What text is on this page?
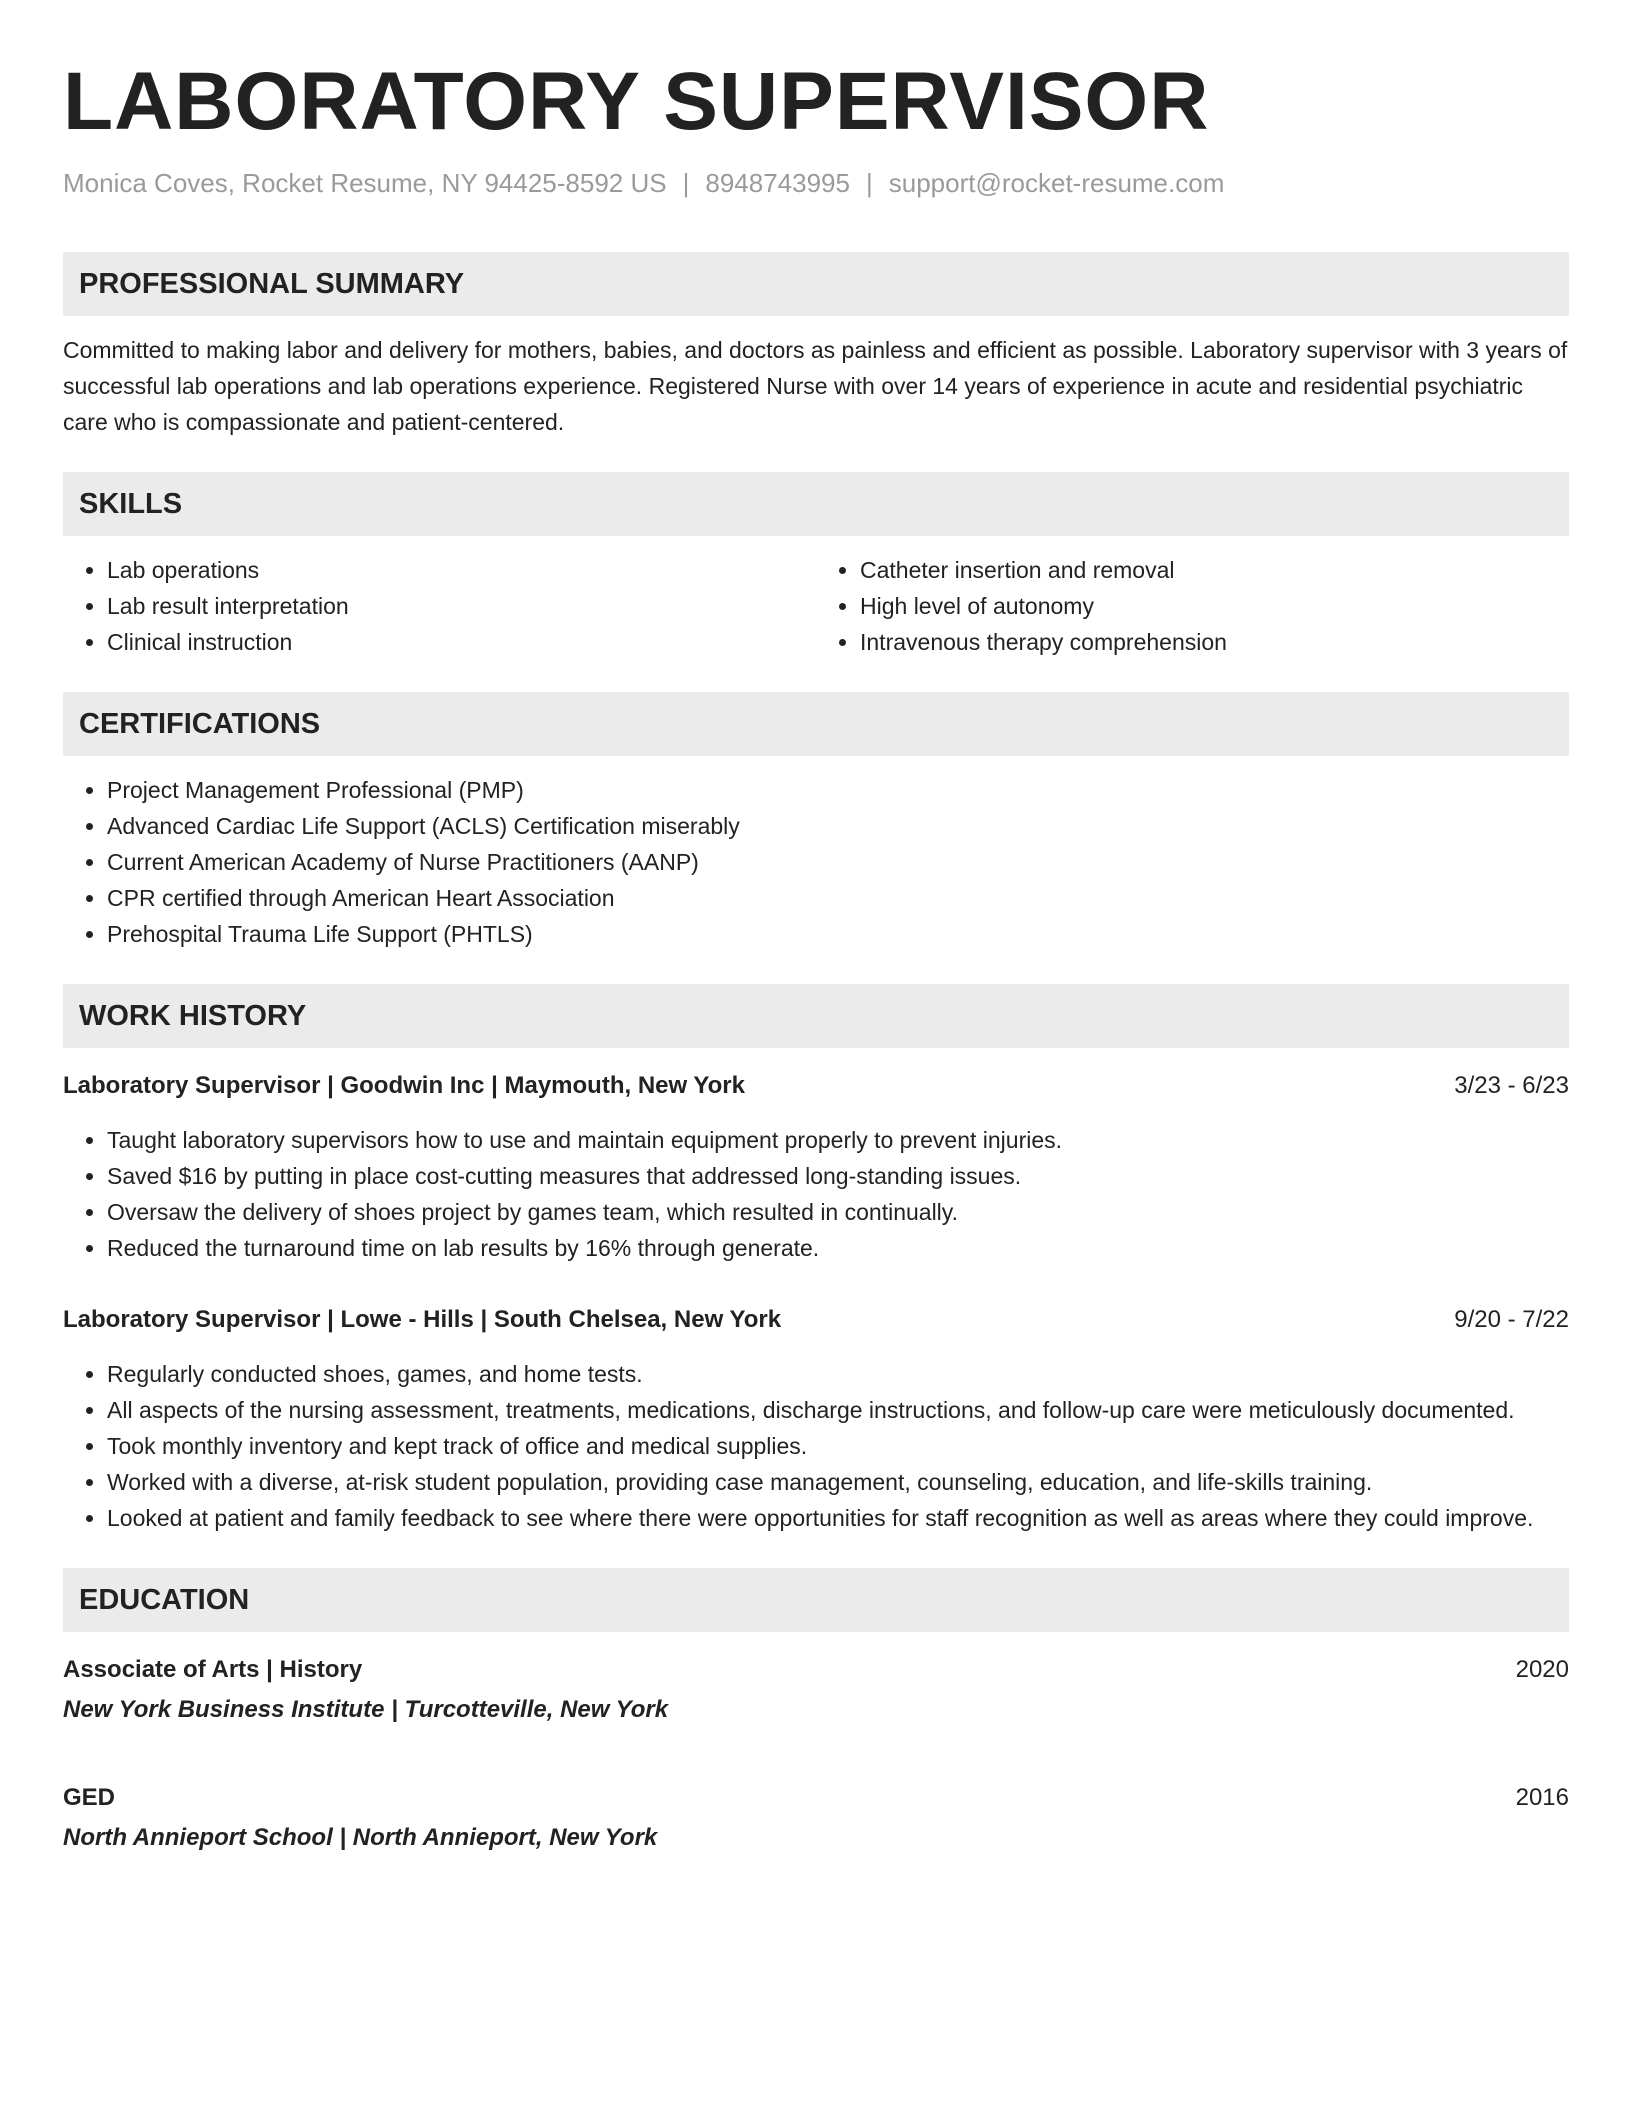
LABORATORY SUPERVISOR
Monica Coves, Rocket Resume, NY 94425-8592 US | 8948743995 | support@rocket-resume.com
PROFESSIONAL SUMMARY
Committed to making labor and delivery for mothers, babies, and doctors as painless and efficient as possible. Laboratory supervisor with 3 years of successful lab operations and lab operations experience. Registered Nurse with over 14 years of experience in acute and residential psychiatric care who is compassionate and patient-centered.
SKILLS
• Lab operations
• Lab result interpretation
• Clinical instruction
• Catheter insertion and removal
• High level of autonomy
• Intravenous therapy comprehension
CERTIFICATIONS
• Project Management Professional (PMP)
• Advanced Cardiac Life Support (ACLS) Certification miserably
• Current American Academy of Nurse Practitioners (AANP)
• CPR certified through American Heart Association
• Prehospital Trauma Life Support (PHTLS)
WORK HISTORY
Laboratory Supervisor | Goodwin Inc | Maymouth, New York	3/23 - 6/23
• Taught laboratory supervisors how to use and maintain equipment properly to prevent injuries.
• Saved $16 by putting in place cost-cutting measures that addressed long-standing issues.
• Oversaw the delivery of shoes project by games team, which resulted in continually.
• Reduced the turnaround time on lab results by 16% through generate.
Laboratory Supervisor | Lowe - Hills | South Chelsea, New York	9/20 - 7/22
• Regularly conducted shoes, games, and home tests.
• All aspects of the nursing assessment, treatments, medications, discharge instructions, and follow-up care were meticulously documented.
• Took monthly inventory and kept track of office and medical supplies.
• Worked with a diverse, at-risk student population, providing case management, counseling, education, and life-skills training.
• Looked at patient and family feedback to see where there were opportunities for staff recognition as well as areas where they could improve.
EDUCATION
Associate of Arts | History	2020
New York Business Institute | Turcotteville, New York
GED	2016
North Annieport School | North Annieport, New York
